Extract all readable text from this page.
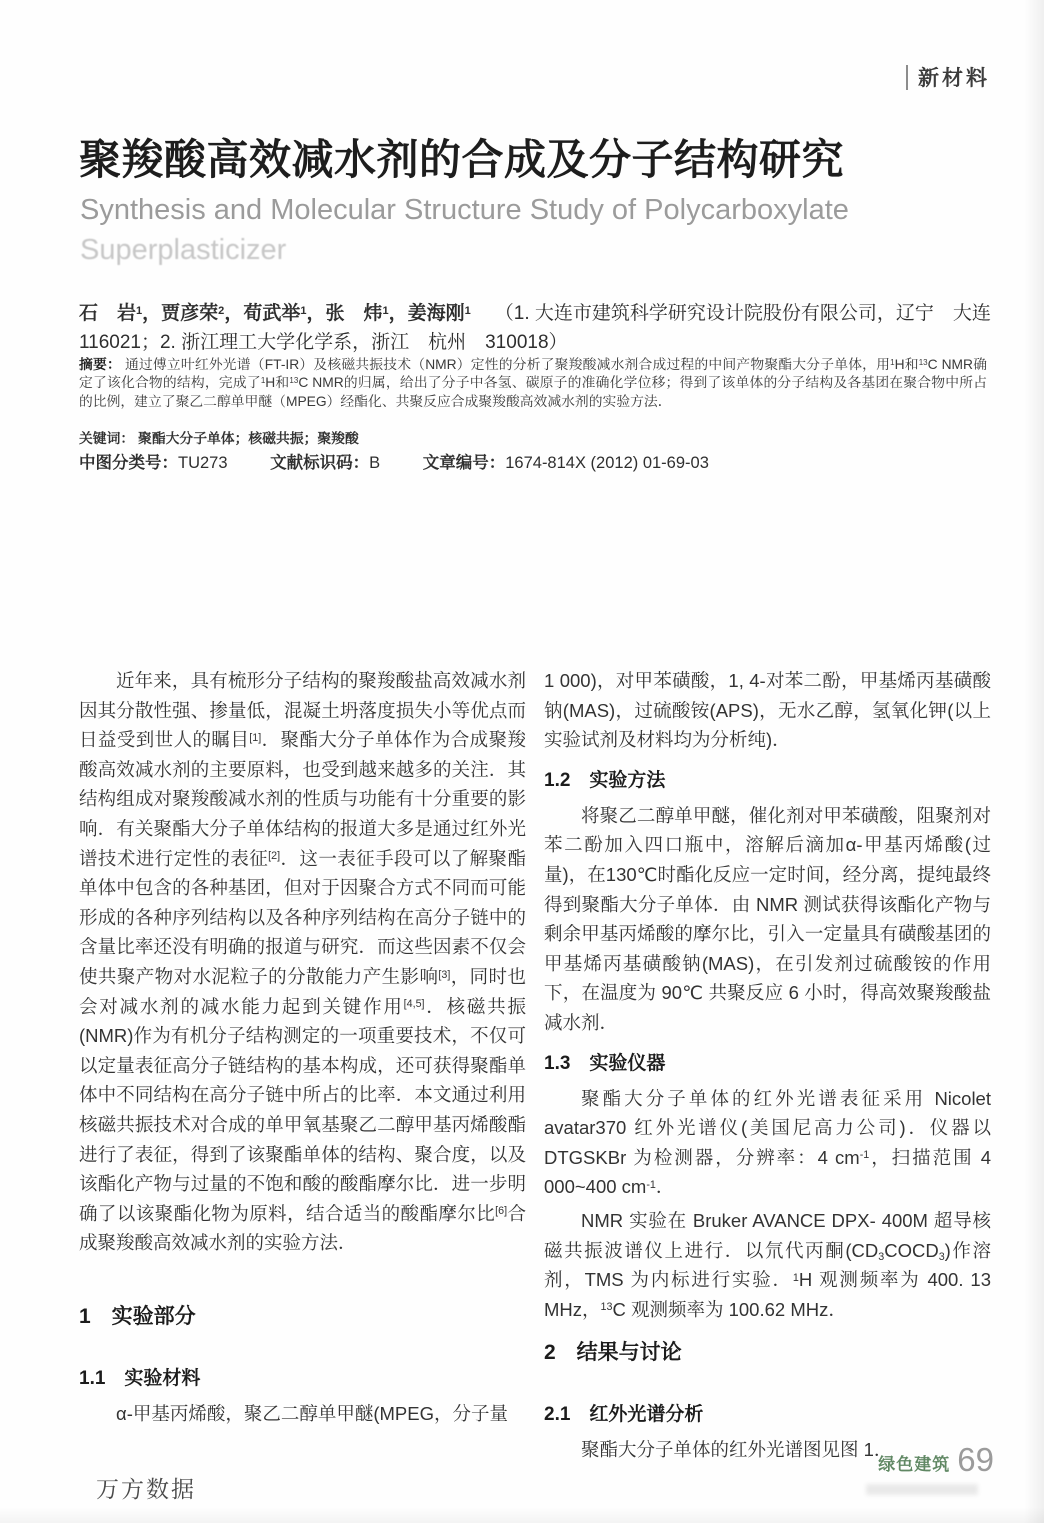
新材料
聚羧酸高效减水剂的合成及分子结构研究
Synthesis and Molecular Structure Study of Polycarboxylate
Superplasticizer

石　岩$^1$，贾彦荣$^2$，荀武举$^1$，张　炜$^1$，姜海刚$^1$ （1. 大连市建筑科学研究设计院股份有限公司，辽宁　大连 116021；2. 浙江理工大学化学系，浙江　杭州　310018）

摘要： 通过傅立叶红外光谱（FT-IR）及核磁共振技术（NMR）定性的分析了聚羧酸减水剂合成过程的中间产物聚酯大分子单体，用$^1$H和$^{13}$C NMR确定了该化合物的结构，完成了$^1$H和$^{13}$C NMR的归属，给出了分子中各氢、碳原子的准确化学位移；得到了该单体的分子结构及各基团在聚合物中所占的比例，建立了聚乙二醇单甲醚（MPEG）经酯化、共聚反应合成聚羧酸高效减水剂的实验方法．

关键词： 聚酯大分子单体；核磁共振；聚羧酸

中图分类号：TU273	文献标识码：B	文章编号：1674-814X (2012) 01-69-03

近年来，具有梳形分子结构的聚羧酸盐高效减水剂因其分散性强、掺量低，混凝土坍落度损失小等优点而日益受到世人的瞩目[1]．聚酯大分子单体作为合成聚羧酸高效减水剂的主要原料，也受到越来越多的关注．其结构组成对聚羧酸减水剂的性质与功能有十分重要的影响．有关聚酯大分子单体结构的报道大多是通过红外光谱技术进行定性的表征[2]．这一表征手段可以了解聚酯单体中包含的各种基团，但对于因聚合方式不同而可能形成的各种序列结构以及各种序列结构在高分子链中的含量比率还没有明确的报道与研究．而这些因素不仅会使共聚产物对水泥粒子的分散能力产生影响[3]，同时也会对减水剂的减水能力起到关键作用[4,5]．核磁共振(NMR)作为有机分子结构测定的一项重要技术，不仅可以定量表征高分子链结构的基本构成，还可获得聚酯单体中不同结构在高分子链中所占的比率．本文通过利用核磁共振技术对合成的单甲氧基聚乙二醇甲基丙烯酸酯进行了表征，得到了该聚酯单体的结构、聚合度，以及该酯化产物与过量的不饱和酸的酸酯摩尔比．进一步明确了以该聚酯化物为原料，结合适当的酸酯摩尔比[6]合成聚羧酸高效减水剂的实验方法．

1　实验部分
1.1　实验材料

α-甲基丙烯酸，聚乙二醇单甲醚(MPEG，分子量

1 000)，对甲苯磺酸，1, 4-对苯二酚，甲基烯丙基磺酸钠(MAS)，过硫酸铵(APS)，无水乙醇，氢氧化钾(以上实验试剂及材料均为分析纯)．

1.2　实验方法

将聚乙二醇单甲醚，催化剂对甲苯磺酸，阻聚剂对苯二酚加入四口瓶中，溶解后滴加α-甲基丙烯酸(过量)，在130℃时酯化反应一定时间，经分离，提纯最终得到聚酯大分子单体．由 NMR 测试获得该酯化产物与剩余甲基丙烯酸的摩尔比，引入一定量具有磺酸基团的甲基烯丙基磺酸钠(MAS)，在引发剂过硫酸铵的作用下，在温度为 90℃ 共聚反应 6 小时，得高效聚羧酸盐减水剂．

1.3　实验仪器

聚酯大分子单体的红外光谱表征采用 Nicolet avatar370 红外光谱仪(美国尼高力公司)．仪器以 DTGSKBr 为检测器，分辨率：4 $cm^{-1}$，扫描范围 4 000~400 $cm^{-1}$．

NMR 实验在 Bruker AVANCE DPX- 400M 超导核磁共振波谱仪上进行．以氘代丙酮$(CD_3COCD_3)$作溶剂，TMS 为内标进行实验．$^1$H 观测频率为 400. 13 MHz，$^{13}$C 观测频率为 100.62 MHz．

2　结果与讨论
2.1　红外光谱分析

聚酯大分子单体的红外光谱图见图 1．

万方数据
绿色建筑 69
